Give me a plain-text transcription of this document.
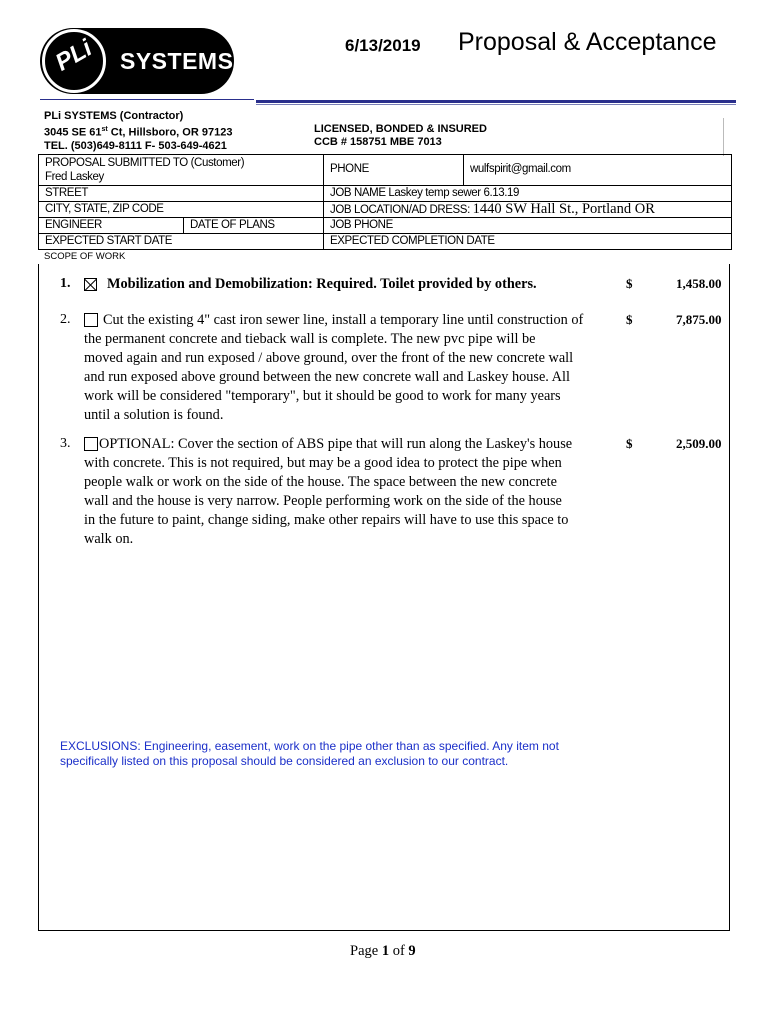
PLi	SYSTEMS
6/13/2019 Proposal & Acceptance
PLi SYSTEMS (Contractor)
3045 SE 61st Ct, Hillsboro, OR 97123
TEL. (503)649-8111 F- 503-649-4621
LICENSED, BONDED & INSURED
CCB # 158751 MBE 7013
PROPOSAL SUBMITTED TO (Customer)
Fred Laskey
PHONE	wulfspirit@gmail.com
STREET	JOB NAME Laskey temp sewer 6.13.19
CITY, STATE, ZIP CODE	JOB LOCATION/AD DRESS: 1440 SW Hall St., Portland OR
ENGINEER	DATE OF PLANS	JOB PHONE
EXPECTED START DATE	EXPECTED COMPLETION DATE
SCOPE OF WORK
1.	Mobilization and Demobilization: Required. Toilet provided by others.	$	1,458.00
2.	Cut the existing 4" cast iron sewer line, install a temporary line until construction of
the permanent concrete and tieback wall is complete. The new pvc pipe will be
moved again and run exposed / above ground, over the front of the new concrete wall
and run exposed above ground between the new concrete wall and Laskey house. All
work will be considered "temporary", but it should be good to work for many years
until a solution is found.
$	7,875.00
3.	OPTIONAL: Cover the section of ABS pipe that will run along the Laskey's house
with concrete. This is not required, but may be a good idea to protect the pipe when
people walk or work on the side of the house. The space between the new concrete
wall and the house is very narrow. People performing work on the side of the house
in the future to paint, change siding, make other repairs will have to use this space to
walk on.
$	2,509.00
EXCLUSIONS: Engineering, easement, work on the pipe other than as specified. Any item not specifically listed on this proposal should be considered an exclusion to our contract.
Page 1 of 9
